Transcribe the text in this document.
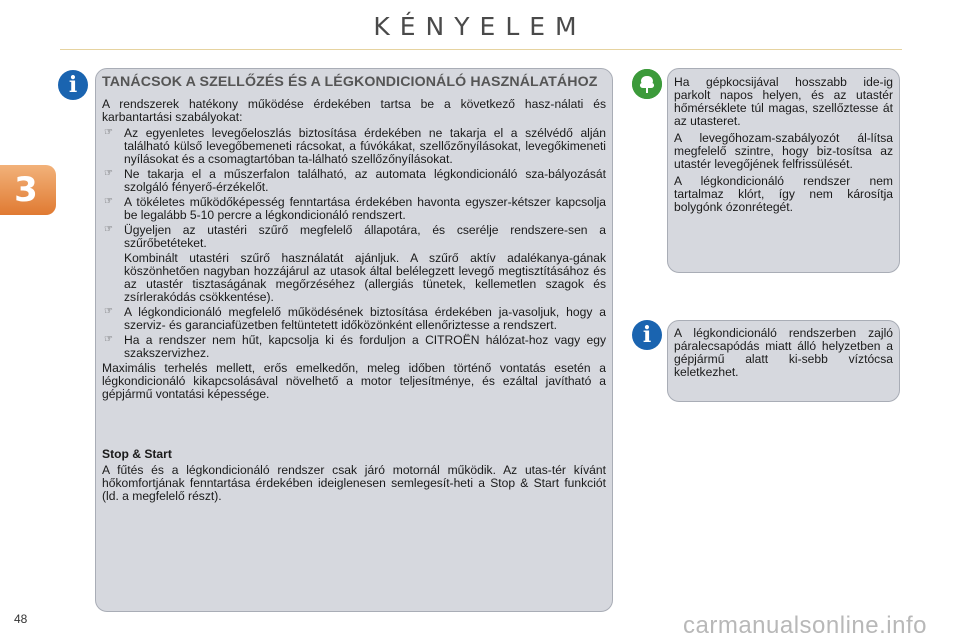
KÉNYELEM
3
i	TANÁCSOK A SZELLŐZÉS ÉS A LÉGKONDICIONÁLÓ HASZNÁLATÁHOZ

A rendszerek hatékony működése érdekében tartsa be a következő hasz-nálati és karbantartási szabályokat:

☞ Az egyenletes levegőeloszlás biztosítása érdekében ne takarja el a szélvédő alján található külső levegőbemeneti rácsokat, a fúvókákat, szellőzőnyílásokat, levegőkimeneti nyílásokat és a csomagtartóban ta-lálható szellőzőnyílásokat.

☞ Ne takarja el a műszerfalon található, az automata légkondicionáló sza-bályozását szolgáló fényerő-érzékelőt.

☞ A tökéletes működőképesség fenntartása érdekében havonta egyszer-kétszer kapcsolja be legalább 5-10 percre a légkondicionáló rendszert.

☞ Ügyeljen az utastéri szűrő megfelelő állapotára, és cserélje rendszere-sen a szűrőbetéteket.

Kombinált utastéri szűrő használatát ajánljuk. A szűrő aktív adalékanya-gának köszönhetően nagyban hozzájárul az utasok által belélegzett levegő megtisztításához és az utastér tisztaságának megőrzéséhez (allergiás tünetek, kellemetlen szagok és zsírlerakódás csökkentése).

☞ A légkondicionáló megfelelő működésének biztosítása érdekében ja-vasoljuk, hogy a szerviz- és garanciafüzetben feltüntetett időközönként ellenőriztesse a rendszert.

☞ Ha a rendszer nem hűt, kapcsolja ki és forduljon a CITROËN hálózat-hoz vagy egy szakszervizhez.

Maximális terhelés mellett, erős emelkedőn, meleg időben történő vontatás esetén a légkondicionáló kikapcsolásával növelhető a motor teljesítménye, és ezáltal javítható a gépjármű vontatási képessége.

Stop & Start

A fűtés és a légkondicionáló rendszer csak járó motornál működik. Az utas-tér kívánt hőkomfortjának fenntartása érdekében ideiglenesen semlegesít-heti a Stop & Start funkciót (ld. a megfelelő részt).

Ha gépkocsijával hosszabb ide-ig parkolt napos helyen, és az utastér hőmérséklete túl magas, szellőztesse át az utasteret.

A levegőhozam-szabályozót ál-lítsa megfelelő szintre, hogy biz-tosítsa az utastér levegőjének felfrissülését.

A légkondicionáló rendszer nem tartalmaz klórt, így nem károsítja bolygónk ózonrétegét.

i	A légkondicionáló rendszerben zajló páralecsapódás miatt álló helyzetben a gépjármű alatt ki-sebb víztócsa keletkezhet.

48	carmanualsonline.info
